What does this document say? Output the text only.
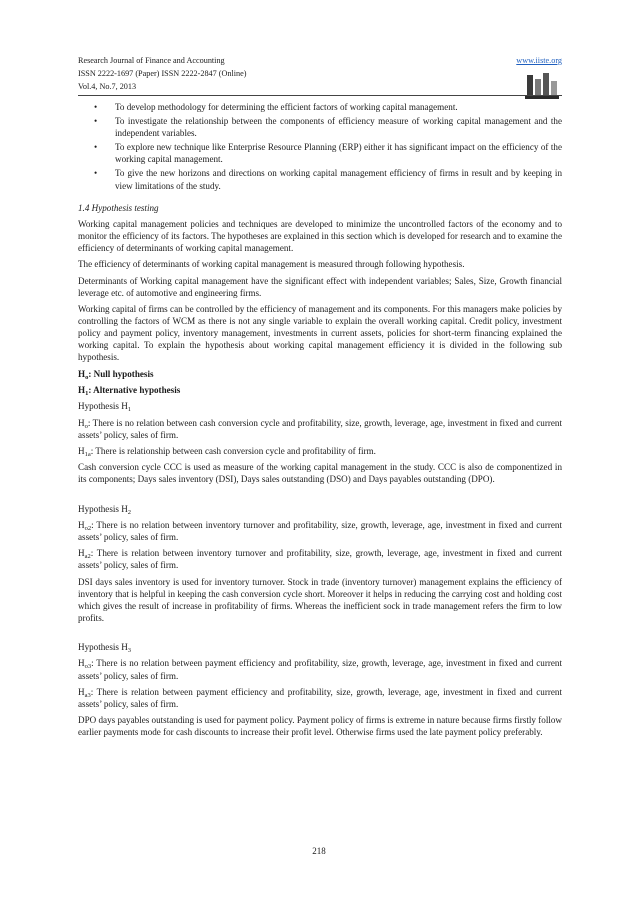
Research Journal of Finance and Accounting
ISSN 2222-1697 (Paper) ISSN 2222-2847 (Online)
Vol.4, No.7, 2013
www.iiste.org
• To develop methodology for determining the efficient factors of working capital management.
• To investigate the relationship between the components of efficiency measure of working capital management and the independent variables.
• To explore new technique like Enterprise Resource Planning (ERP) either it has significant impact on the efficiency of the working capital management.
• To give the new horizons and directions on working capital management efficiency of firms in result and by keeping in view limitations of the study.

1.4 Hypothesis testing

Working capital management policies and techniques are developed to minimize the uncontrolled factors of the economy and to monitor the efficiency of its factors. The hypotheses are explained in this section which is developed for research and to examine the efficiency of determinants of working capital management.

The efficiency of determinants of working capital management is measured through following hypothesis.

Determinants of Working capital management have the significant effect with independent variables; Sales, Size, Growth financial leverage etc. of automotive and engineering firms.

Working capital of firms can be controlled by the efficiency of management and its components. For this managers make policies by controlling the factors of WCM as there is not any single variable to explain the overall working capital. Credit policy, investment policy and payment policy, inventory management, investments in current assets, policies for short-term financing explained the working capital. To explain the hypothesis about working capital management efficiency it is divided in the following sub hypothesis.

$H_o$: Null hypothesis

$H_1$: Alternative hypothesis

Hypothesis $H_1$

$H_o$: There is no relation between cash conversion cycle and profitability, size, growth, leverage, age, investment in fixed and current assets’ policy, sales of firm.

$H_{1a}$: There is relationship between cash conversion cycle and profitability of firm.

Cash conversion cycle CCC is used as measure of the working capital management in the study. CCC is also de componentized in its components; Days sales inventory (DSI), Days sales outstanding (DSO) and Days payables outstanding (DPO).

Hypothesis $H_2$

$H_{o2}$: There is no relation between inventory turnover and profitability, size, growth, leverage, age, investment in fixed and current assets’ policy, sales of firm.

$H_{a2}$: There is relation between inventory turnover and profitability, size, growth, leverage, age, investment in fixed and current assets’ policy, sales of firm.

DSI days sales inventory is used for inventory turnover. Stock in trade (inventory turnover) management explains the efficiency of inventory that is helpful in keeping the cash conversion cycle short. Moreover it helps in reducing the carrying cost and holding cost which gives the result of increase in profitability of firms. Whereas the inefficient sock in trade management refers the firm to low profits.

Hypothesis $H_3$

$H_{o3}$: There is no relation between payment efficiency and profitability, size, growth, leverage, age, investment in fixed and current assets’ policy, sales of firm.

$H_{a3}$: There is relation between payment efficiency and profitability, size, growth, leverage, age, investment in fixed and current assets’ policy, sales of firm.

DPO days payables outstanding is used for payment policy. Payment policy of firms is extreme in nature because firms firstly follow earlier payments mode for cash discounts to increase their profit level. Otherwise firms used the late payment policy preferably.

218
